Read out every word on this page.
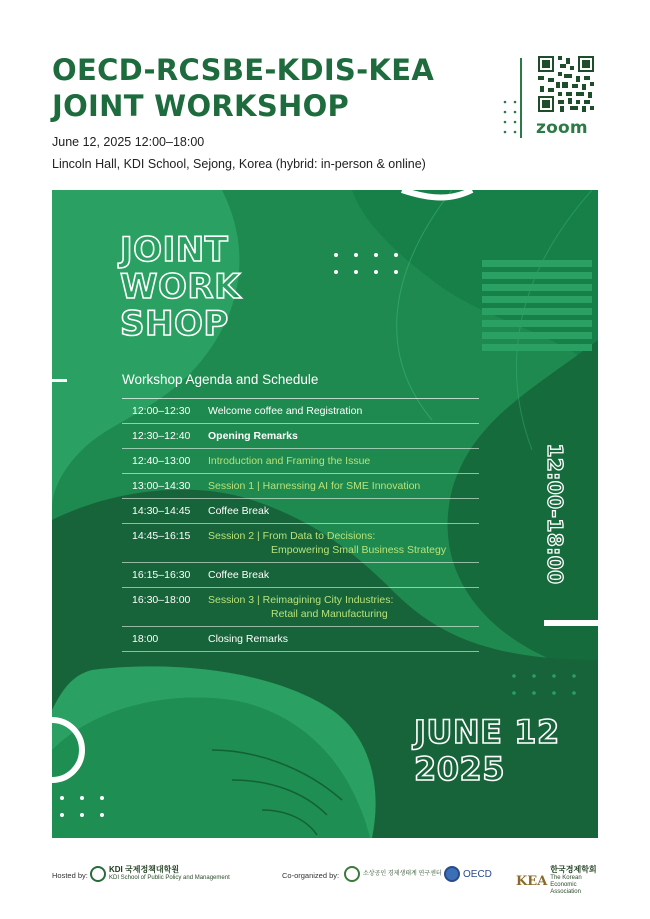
OECD-RCSBE-KDIS-KEA
JOINT WORKSHOP
June 12, 2025 12:00–18:00
Lincoln Hall, KDI School, Sejong, Korea (hybrid: in-person & online)
zoom
JOINT
WORK
SHOP
Workshop Agenda and Schedule
12:00–12:30	Welcome coffee and Registration
12:30–12:40	Opening Remarks
12:40–13:00	Introduction and Framing the Issue
13:00–14:30	Session 1 | Harnessing AI for SME Innovation
14:30–14:45	Coffee Break
14:45–16:15	Session 2 | From Data to Decisions:
Empowering Small Business Strategy
16:15–16:30	Coffee Break
16:30–18:00	Session 3 | Reimagining City Industries:
Retail and Manufacturing
18:00	Closing Remarks
12:00-18:00
JUNE 12
2025
Hosted by:
KDI 국제정책대학원
KDI School of Public Policy and Management	Co-organized by:	소상공인 경제생태계 연구센터 OECD KEA
한국경제학회
The Korean Economic Association
